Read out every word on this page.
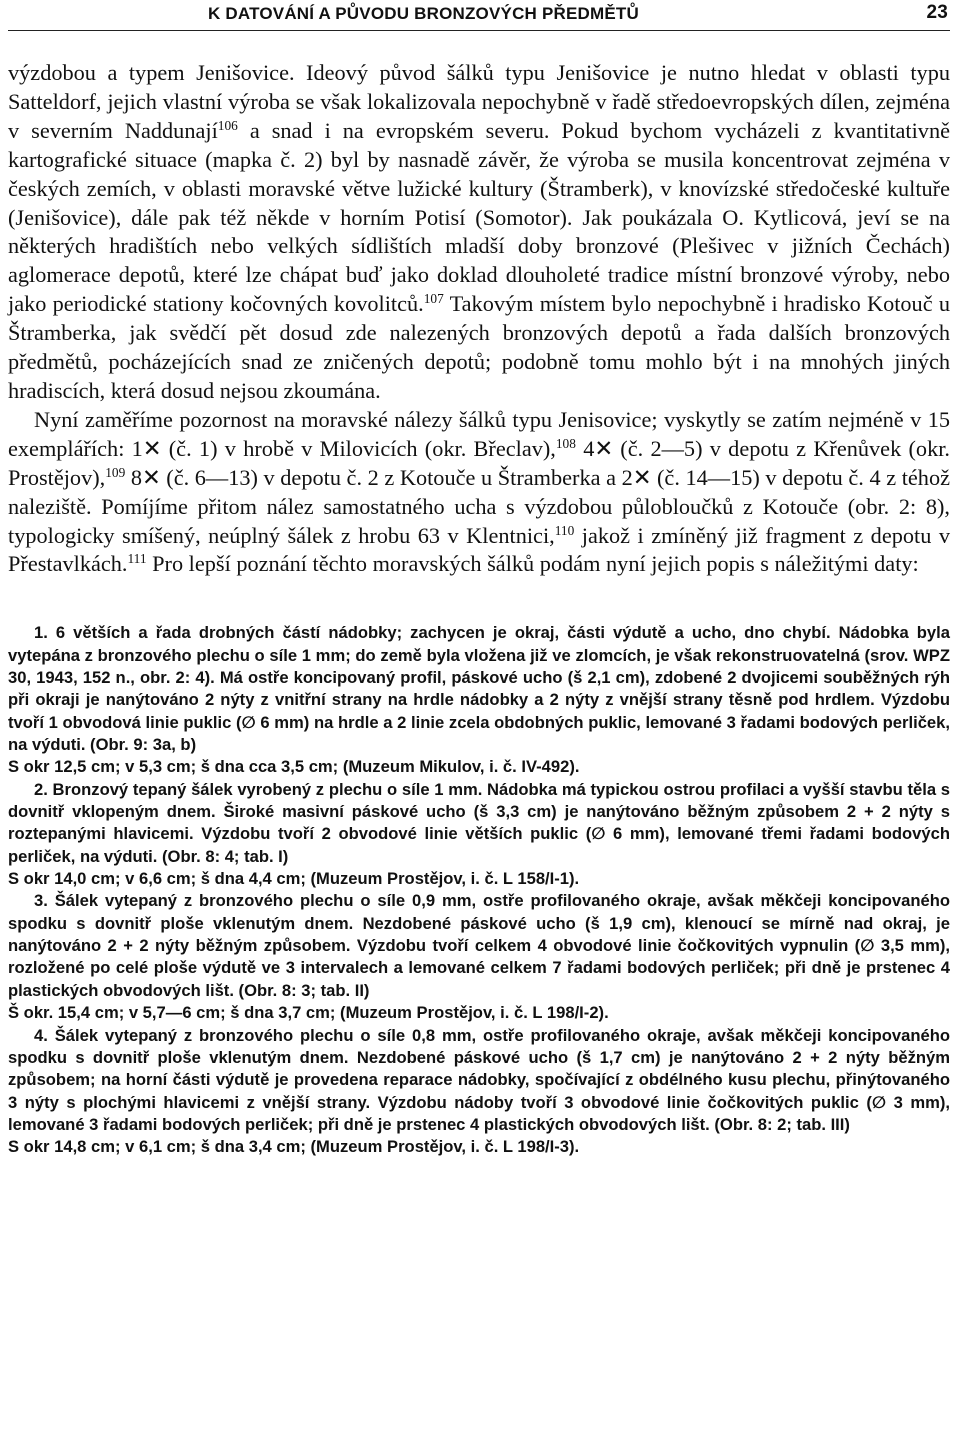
K DATOVÁNÍ A PŮVODU BRONZOVÝCH PŘEDMĚTŮ	23

výzdobou a typem Jenišovice. Ideový původ šálků typu Jenišovice je nutno hledat v oblasti typu Satteldorf, jejich vlastní výroba se však lokalizovala nepochybně v řadě středoevropských dílen, zejména v severním Naddunají$^{106}$ a snad i na evropském severu. Pokud bychom vycházeli z kvantitativně kartografické situace (mapka č. 2) byl by nasnadě závěr, že výroba se musila koncentrovat zejména v českých zemích, v oblasti moravské větve lužické kultury (Štramberk), v knovízské středočeské kultuře (Jenišovice), dále pak též někde v horním Potisí (Somotor). Jak poukázala O. Kytlicová, jeví se na některých hradištích nebo velkých sídlištích mladší doby bronzové (Plešivec v jižních Čechách) aglomerace depotů, které lze chápat buď jako doklad dlouholeté tradice místní bronzové výroby, nebo jako periodické stationy kočovných kovolitců.$^{107}$ Takovým místem bylo nepochybně i hradisko Kotouč u Štramberka, jak svědčí pět dosud zde nalezených bronzových depotů a řada dalších bronzových předmětů, pocházejících snad ze zničených depotů; podobně tomu mohlo být i na mnohých jiných hradiscích, která dosud nejsou zkoumána.

Nyní zaměříme pozornost na moravské nálezy šálků typu Jenisovice; vyskytly se zatím nejméně v 15 exemplářích: 1✕ (č. 1) v hrobě v Milovicích (okr. Břeclav),$^{108}$ 4✕ (č. 2—5) v depotu z Křenůvek (okr. Prostějov),$^{109}$ 8✕ (č. 6—13) v depotu č. 2 z Kotouče u Štramberka a 2✕ (č. 14—15) v depotu č. 4 z téhož naleziště. Pomíjíme přitom nález samostatného ucha s výzdobou půlobloučků z Kotouče (obr. 2: 8), typologicky smíšený, neúplný šálek z hrobu 63 v Klentnici,$^{110}$ jakož i zmíněný již fragment z depotu v Přestavlkách.$^{111}$ Pro lepší poznání těchto moravských šálků podám nyní jejich popis s náležitými daty:

1. 6 větších a řada drobných částí nádobky; zachycen je okraj, části výdutě a ucho, dno chybí. Nádobka byla vytepána z bronzového plechu o síle 1 mm; do země byla vložena již ve zlomcích, je však rekonstruovatelná (srov. WPZ 30, 1943, 152 n., obr. 2: 4). Má ostře koncipovaný profil, páskové ucho (š 2,1 cm), zdobené 2 dvojicemi souběžných rýh při okraji je nanýtováno 2 nýty z vnitřní strany na hrdle nádobky a 2 nýty z vnější strany těsně pod hrdlem. Výzdobu tvoří 1 obvodová linie puklic (∅ 6 mm) na hrdle a 2 linie zcela obdobných puklic, lemované 3 řadami bodových perliček, na výduti. (Obr. 9: 3a, b)

S okr 12,5 cm; v 5,3 cm; š dna cca 3,5 cm; (Muzeum Mikulov, i. č. IV-492).

2. Bronzový tepaný šálek vyrobený z plechu o síle 1 mm. Nádobka má typickou ostrou profilaci a vyšší stavbu těla s dovnitř vklopeným dnem. Široké masivní páskové ucho (š 3,3 cm) je nanýtováno běžným způsobem 2 + 2 nýty s roztepanými hlavicemi. Výzdobu tvoří 2 obvodové linie větších puklic (∅ 6 mm), lemované třemi řadami bodových perliček, na výduti. (Obr. 8: 4; tab. I)

S okr 14,0 cm; v 6,6 cm; š dna 4,4 cm; (Muzeum Prostějov, i. č. L 158/I-1).

3. Šálek vytepaný z bronzového plechu o síle 0,9 mm, ostře profilovaného okraje, avšak měkčeji koncipovaného spodku s dovnitř ploše vklenutým dnem. Nezdobené páskové ucho (š 1,9 cm), klenoucí se mírně nad okraj, je nanýtováno 2 + 2 nýty běžným způsobem. Výzdobu tvoří celkem 4 obvodové linie čočkovitých vypnulin (∅ 3,5 mm), rozložené po celé ploše výdutě ve 3 intervalech a lemované celkem 7 řadami bodových perliček; při dně je prstenec 4 plastických obvodových lišt. (Obr. 8: 3; tab. II)

Š okr. 15,4 cm; v 5,7—6 cm; š dna 3,7 cm; (Muzeum Prostějov, i. č. L 198/I-2).

4. Šálek vytepaný z bronzového plechu o síle 0,8 mm, ostře profilovaného okraje, avšak měkčeji koncipovaného spodku s dovnitř ploše vklenutým dnem. Nezdobené páskové ucho (š 1,7 cm) je nanýtováno 2 + 2 nýty běžným způsobem; na horní části výdutě je provedena reparace nádobky, spočívající z obdélného kusu plechu, přinýtovaného 3 nýty s plochými hlavicemi z vnější strany. Výzdobu nádoby tvoří 3 obvodové linie čočkovitých puklic (∅ 3 mm), lemované 3 řadami bodových perliček; při dně je prstenec 4 plastických obvodových lišt. (Obr. 8: 2; tab. III)

S okr 14,8 cm; v 6,1 cm; š dna 3,4 cm; (Muzeum Prostějov, i. č. L 198/I-3).
